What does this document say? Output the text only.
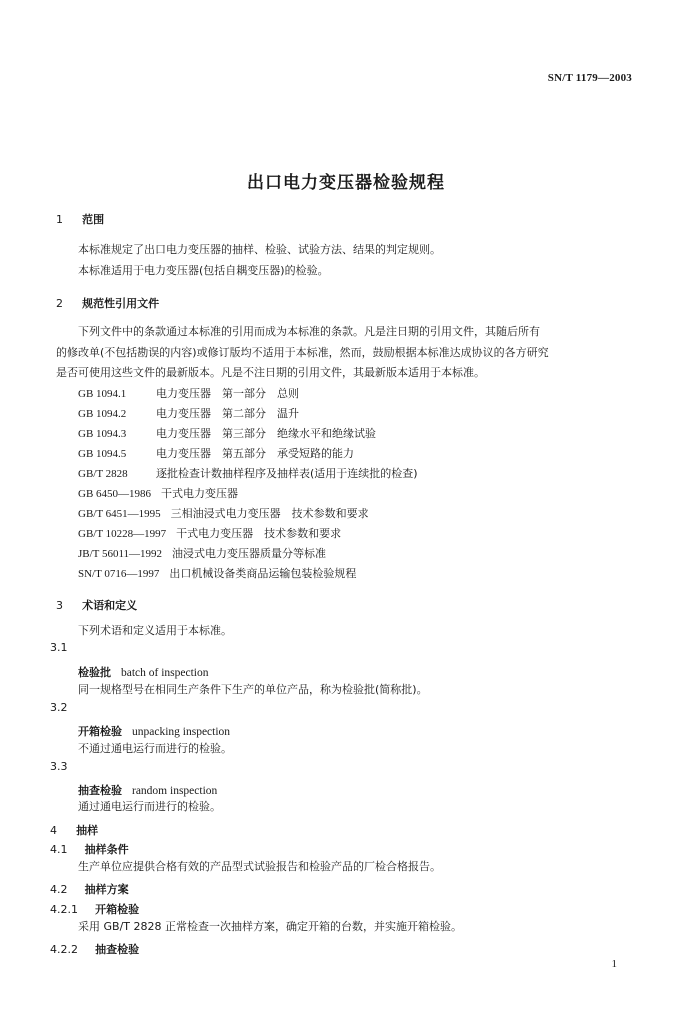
SN/T 1179—2003
出口电力变压器检验规程
1 范围
本标准规定了出口电力变压器的抽样、检验、试验方法、结果的判定规则。
本标准适用于电力变压器(包括自耦变压器)的检验。
2 规范性引用文件
下列文件中的条款通过本标准的引用而成为本标准的条款。凡是注日期的引用文件，其随后所有
的修改单(不包括勘误的内容)或修订版均不适用于本标准，然而，鼓励根据本标准达成协议的各方研究
是否可使用这些文件的最新版本。凡是不注日期的引用文件，其最新版本适用于本标准。
GB 1094.1	电力变压器　第一部分　总则
GB 1094.2	电力变压器　第二部分　温升
GB 1094.3	电力变压器　第三部分　绝缘水平和绝缘试验
GB 1094.5	电力变压器　第五部分　承受短路的能力
GB/T 2828	逐批检查计数抽样程序及抽样表(适用于连续批的检查)
GB 6450—1986 干式电力变压器
GB/T 6451—1995 三相油浸式电力变压器　技术参数和要求
GB/T 10228—1997 干式电力变压器　技术参数和要求
JB/T 56011—1992 油浸式电力变压器质量分等标准
SN/T 0716—1997 出口机械设备类商品运输包装检验规程
3 术语和定义
下列术语和定义适用于本标准。
3.1
检验批 batch of inspection
同一规格型号在相同生产条件下生产的单位产品，称为检验批(简称批)。
3.2
开箱检验 unpacking inspection
不通过通电运行而进行的检验。
3.3
抽查检验 random inspection
通过通电运行而进行的检验。
4 抽样
4.1 抽样条件
生产单位应提供合格有效的产品型式试验报告和检验产品的厂检合格报告。
4.2 抽样方案
4.2.1 开箱检验
采用 GB/T 2828 正常检查一次抽样方案，确定开箱的台数，并实施开箱检验。
4.2.2 抽查检验
1
